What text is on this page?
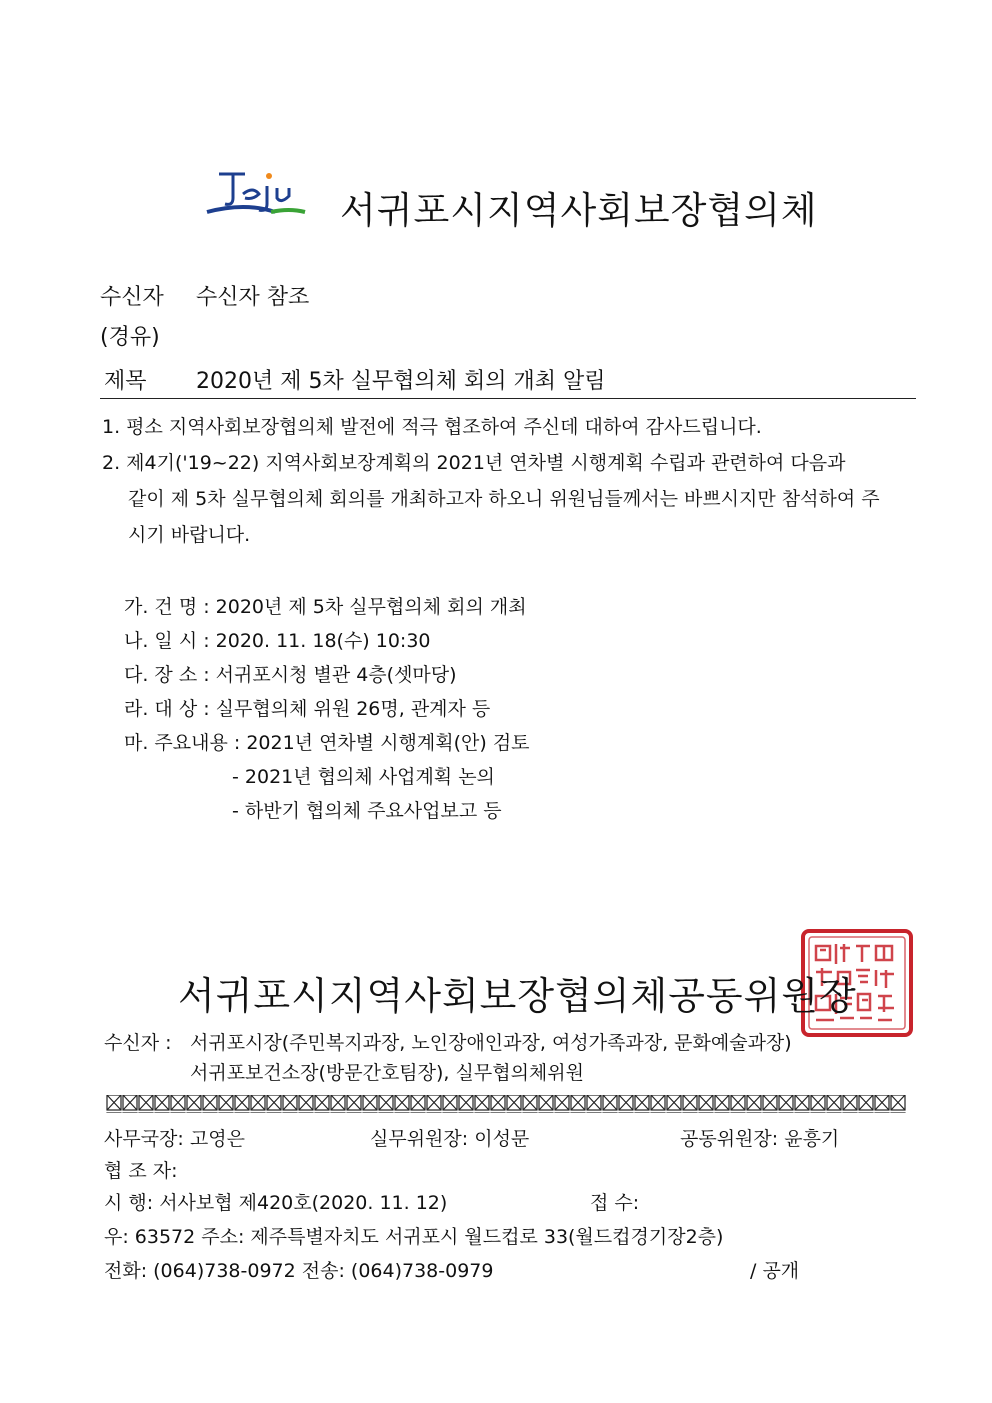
서귀포시지역사회보장협의체
수신자 수신자 참조
(경유)
제목 2020년 제 5차 실무협의체 회의 개최 알림
1. 평소 지역사회보장협의체 발전에 적극 협조하여 주신데 대하여 감사드립니다.
2. 제4기('19~22) 지역사회보장계획의 2021년 연차별 시행계획 수립과 관련하여 다음과
같이 제 5차 실무협의체 회의를 개최하고자 하오니 위원님들께서는 바쁘시지만 참석하여 주
시기 바랍니다.
가. 건 명 : 2020년 제 5차 실무협의체 회의 개최
나. 일 시 : 2020. 11. 18(수) 10:30
다. 장 소 : 서귀포시청 별관 4층(셋마당)
라. 대 상 : 실무협의체 위원 26명, 관계자 등
마. 주요내용 : 2021년 연차별 시행계획(안) 검토
- 2021년 협의체 사업계획 논의
- 하반기 협의체 주요사업보고 등
서귀포시지역사회보장협의체공동위원장
수신자 : 서귀포시장(주민복지과장, 노인장애인과장, 여성가족과장, 문화예술과장)
서귀포보건소장(방문간호팀장), 실무협의체위원
사무국장: 고영은	실무위원장: 이성문	공동위원장: 윤흥기
협 조 자:
시 행: 서사보협 제420호(2020. 11. 12)	접 수:
우: 63572 주소: 제주특별자치도 서귀포시 월드컵로 33(월드컵경기장2층)
전화: (064)738-0972 전송: (064)738-0979	/ 공개
